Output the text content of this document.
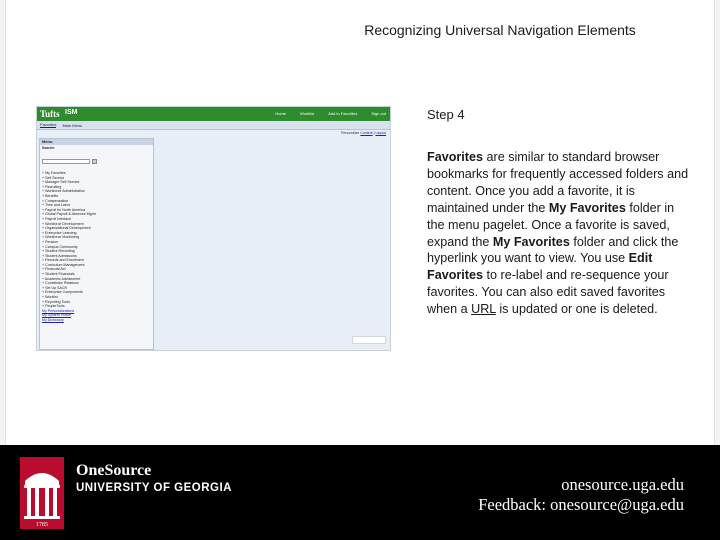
Recognizing Universal Navigation Elements
Tufts ISM	Home	Worklist	Add to Favorites	Sign out
Favorites Main Menu
Personalize Content | Layout
Menu
Search:
+ My Favorites
+ Self Service
+ Manager Self Service
+ Recruiting
+ Workforce Administration
+ Benefits
+ Compensation
+ Time and Labor
+ Payroll for North America
+ Global Payroll & Absence Mgmt
+ Payroll Interface
+ Workforce Development
+ Organizational Development
+ Enterprise Learning
+ Workforce Monitoring
+ Pension
+ Campus Community
+ Student Recruiting
+ Student Admissions
+ Records and Enrollment
+ Curriculum Management
+ Financial Aid
+ Student Financials
+ Academic Advisement
+ Contributor Relations
+ Set Up SACR
+ Enterprise Components
+ Worklist
+ Reporting Tools
+ PeopleTools
My Personalizations
My System Profile
My Dictionary
Step 4
Favorites are similar to standard browser bookmarks for frequently accessed folders and content. Once you add a favorite, it is maintained under the My Favorites folder in the menu pagelet. Once a favorite is saved, expand the My Favorites folder and click the hyperlink you want to view. You use Edit Favorites to re-label and re-sequence your favorites. You can also edit saved favorites when a URL is updated or one is deleted.
1785
OneSource
UNIVERSITY OF GEORGIA	onesource.uga.edu
Feedback: onesource@uga.edu
